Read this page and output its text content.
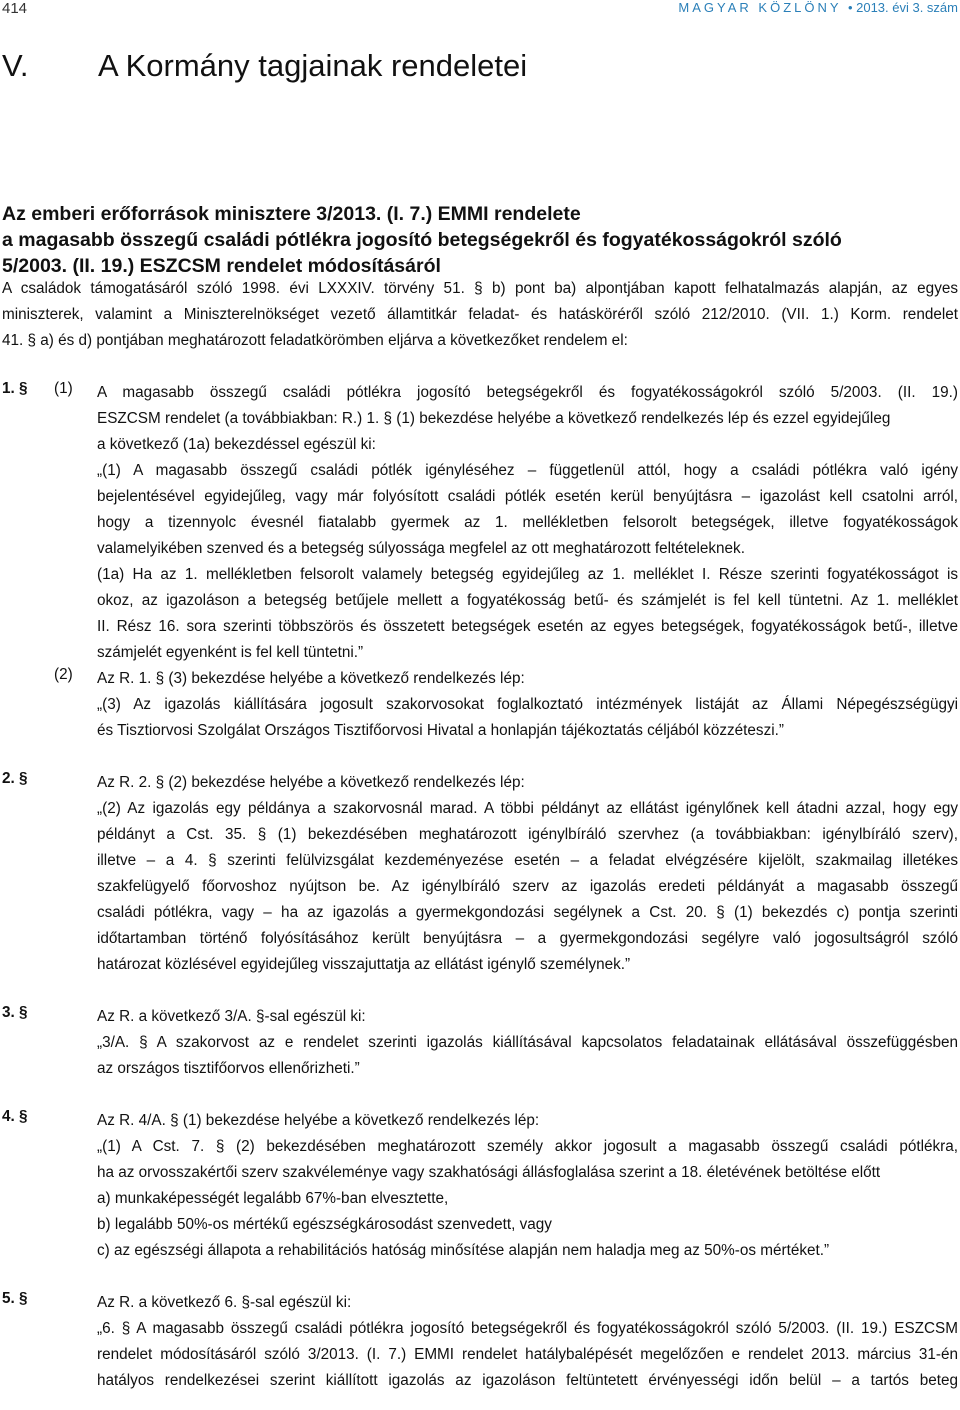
414	MAGYAR KÖZLÖNY • 2013. évi 3. szám
V. A Kormány tagjainak rendeletei
Az emberi erőforrások minisztere 3/2013. (I. 7.) EMMI rendelete
a magasabb összegű családi pótlékra jogosító betegségekről és fogyatékosságokról szóló
5/2003. (II. 19.) ESZCSM rendelet módosításáról
A családok támogatásáról szóló 1998. évi LXXXIV. törvény 51. § b) pont ba) alpontjában kapott felhatalmazás alapján, az egyes
miniszterek, valamint a Miniszterelnökséget vezető államtitkár feladat- és hatásköréről szóló 212/2010. (VII. 1.) Korm. rendelet
41. § a) és d) pontjában meghatározott feladatkörömben eljárva a következőket rendelem el:
1. § (1) A magasabb összegű családi pótlékra jogosító betegségekről és fogyatékosságokról szóló 5/2003. (II. 19.)
ESZCSM rendelet (a továbbiakban: R.) 1. § (1) bekezdése helyébe a következő rendelkezés lép és ezzel egyidejűleg
a következő (1a) bekezdéssel egészül ki:
„(1) A magasabb összegű családi pótlék igényléséhez – függetlenül attól, hogy a családi pótlékra való igény
bejelentésével egyidejűleg, vagy már folyósított családi pótlék esetén kerül benyújtásra – igazolást kell csatolni arról,
hogy a tizennyolc évesnél fiatalabb gyermek az 1. mellékletben felsorolt betegségek, illetve fogyatékosságok
valamelyikében szenved és a betegség súlyossága megfelel az ott meghatározott feltételeknek.
(1a) Ha az 1. mellékletben felsorolt valamely betegség egyidejűleg az 1. melléklet I. Része szerinti fogyatékosságot is
okoz, az igazoláson a betegség betűjele mellett a fogyatékosság betű- és számjelét is fel kell tüntetni. Az 1. melléklet
II. Rész 16. sora szerinti többszörös és összetett betegségek esetén az egyes betegségek, fogyatékosságok betű-, illetve
számjelét egyenként is fel kell tüntetni.”
(2) Az R. 1. § (3) bekezdése helyébe a következő rendelkezés lép:
„(3) Az igazolás kiállítására jogosult szakorvosokat foglalkoztató intézmények listáját az Állami Népegészségügyi
és Tisztiorvosi Szolgálat Országos Tisztifőorvosi Hivatal a honlapján tájékoztatás céljából közzéteszi.”
2. §	Az R. 2. § (2) bekezdése helyébe a következő rendelkezés lép:
„(2) Az igazolás egy példánya a szakorvosnál marad. A többi példányt az ellátást igénylőnek kell átadni azzal, hogy egy
példányt a Cst. 35. § (1) bekezdésében meghatározott igénylbíráló szervhez (a továbbiakban: igénylbíráló szerv),
illetve – a 4. § szerinti felülvizsgálat kezdeményezése esetén – a feladat elvégzésére kijelölt, szakmailag illetékes
szakfelügyelő főorvoshoz nyújtson be. Az igénylbíráló szerv az igazolás eredeti példányát a magasabb összegű
családi pótlékra, vagy – ha az igazolás a gyermekgondozási segélynek a Cst. 20. § (1) bekezdés c) pontja szerinti
időtartamban történő folyósításához került benyújtásra – a gyermekgondozási segélyre való jogosultságról szóló
határozat közlésével egyidejűleg visszajuttatja az ellátást igénylő személynek.”
3. §	Az R. a következő 3/A. §-sal egészül ki:
„3/A. § A szakorvost az e rendelet szerinti igazolás kiállításával kapcsolatos feladatainak ellátásával összefüggésben
az országos tisztifőorvos ellenőrizheti.”
4. §	Az R. 4/A. § (1) bekezdése helyébe a következő rendelkezés lép:
„(1) A Cst. 7. § (2) bekezdésében meghatározott személy akkor jogosult a magasabb összegű családi pótlékra,
ha az orvosszakértői szerv szakvéleménye vagy szakhatósági állásfoglalása szerint a 18. életévének betöltése előtt
a) munkaképességét legalább 67%-ban elvesztette,
b) legalább 50%-os mértékű egészségkárosodást szenvedett, vagy
c) az egészségi állapota a rehabilitációs hatóság minősítése alapján nem haladja meg az 50%-os mértéket.”
5. §	Az R. a következő 6. §-sal egészül ki:
„6. § A magasabb összegű családi pótlékra jogosító betegségekről és fogyatékosságokról szóló 5/2003. (II. 19.) ESZCSM
rendelet módosításáról szóló 3/2013. (I. 7.) EMMI rendelet hatálybalépését megelőzően e rendelet 2013. március 31-én
hatályos rendelkezései szerint kiállított igazolás az igazoláson feltüntetett érvényességi időn belül – a tartós beteg
